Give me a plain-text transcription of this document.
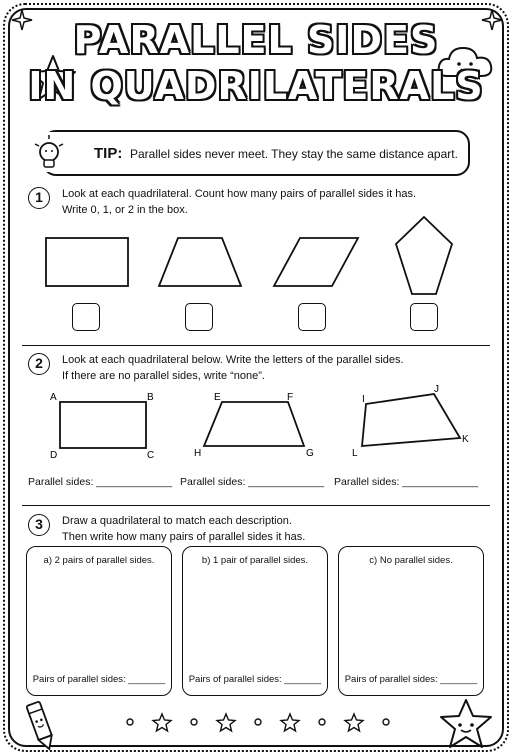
PARALLEL SIDES
IN QUADRILATERALS
TIP: Parallel sides never meet. They stay the same distance apart.
1	Look at each quadrilateral. Count how many pairs of parallel sides it has.
Write 0, 1, or 2 in the box.
2	Look at each quadrilateral below. Write the letters of the parallel sides.
If there are no parallel sides, write “none”.
A	B
C
D
E	F
G
H
I
J
K
L
Parallel sides: _____________ Parallel sides: _____________ Parallel sides: _____________
3	Draw a quadrilateral to match each description.
Then write how many pairs of parallel sides it has.
a) 2 pairs of parallel sides.
Pairs of parallel sides: _______
b) 1 pair of parallel sides.
Pairs of parallel sides: _______
c) No parallel sides.
Pairs of parallel sides: _______
